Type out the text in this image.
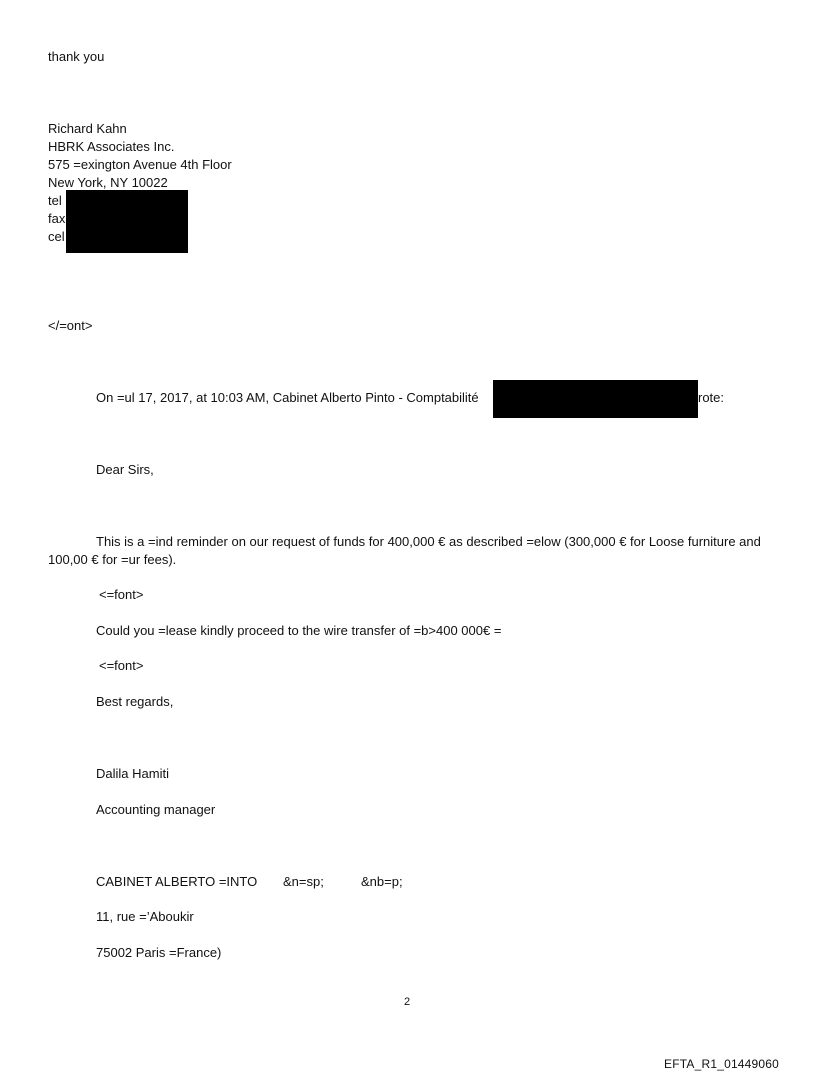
thank you
Richard Kahn
HBRK Associates Inc.
575 =exington Avenue 4th Floor
New York, NY 10022
tel
fax
cel
</=ont>
On =ul 17, 2017, at 10:03 AM, Cabinet Alberto Pinto - Comptabilité	rote:
Dear Sirs,
This is a =ind reminder on our request of funds for 400,000 € as described =elow (300,000 € for Loose furniture and 100,00 € for =ur fees).
<=font>
Could you =lease kindly proceed to the wire transfer of =b>400 000€ =
<=font>
Best regards,
Dalila Hamiti
Accounting manager
CABINET ALBERTO =INTO &n=sp;	&nb=p;
11, rue =’Aboukir
75002 Paris =France)
2
EFTA_R1_01449060
